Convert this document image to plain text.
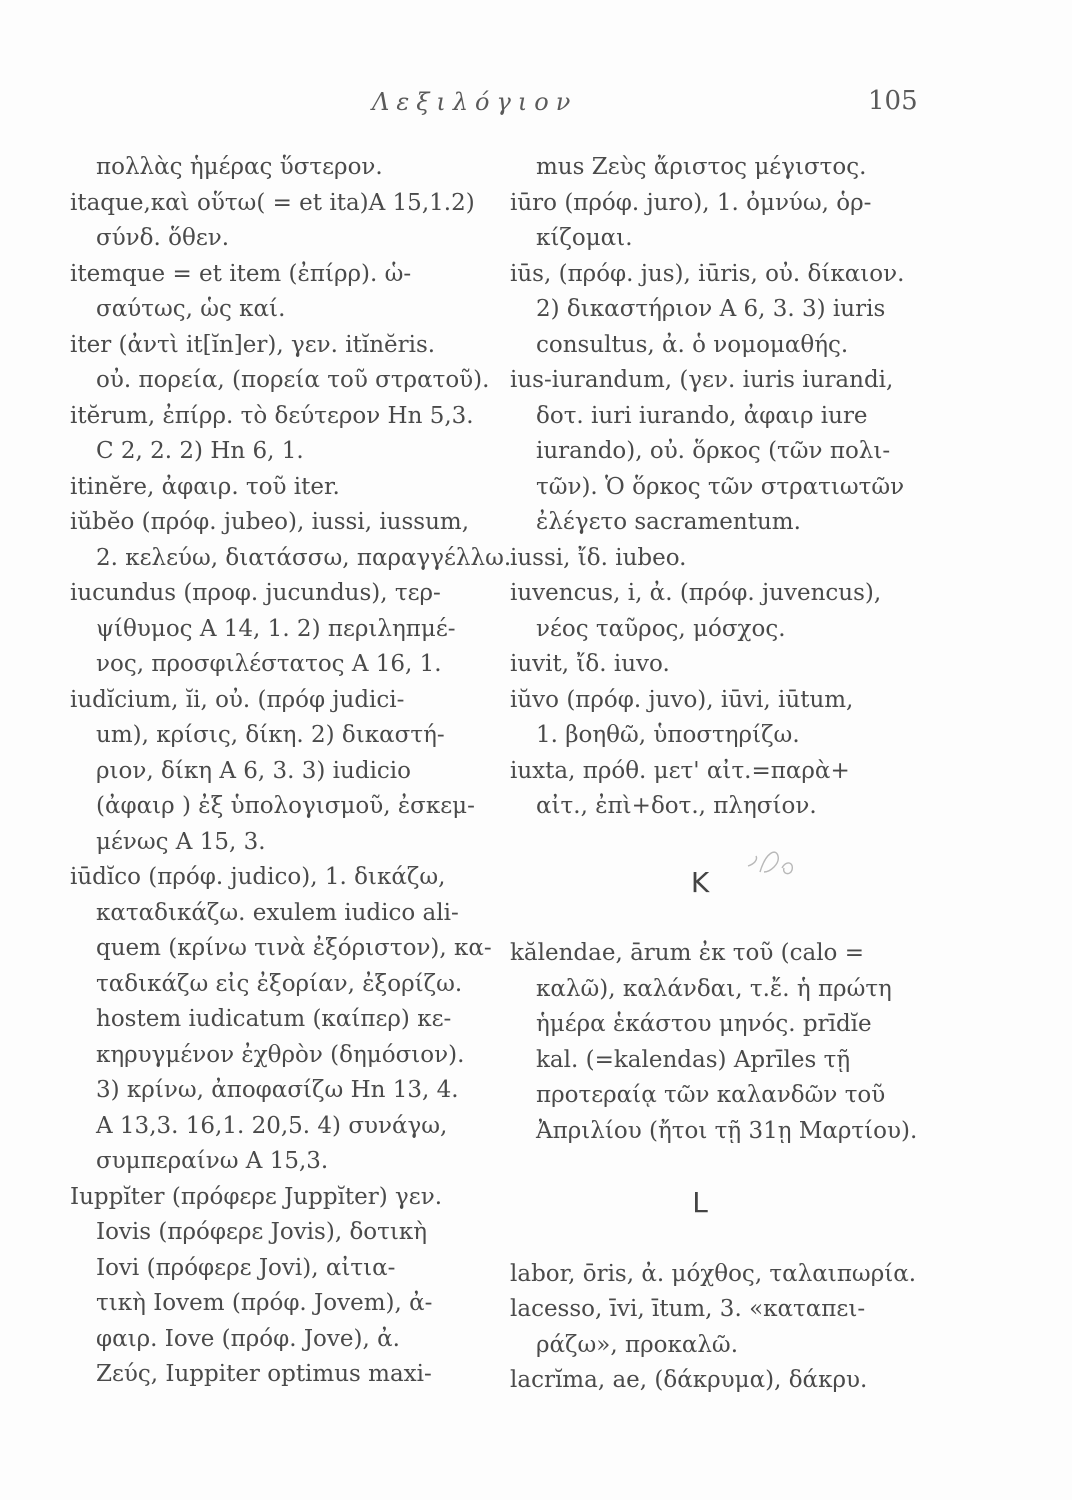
Λεξιλόγιον	105
πολλὰς ἡμέρας ὕστερον.
itaque,καὶ οὕτω( = et ita)A 15,1.2)
σύνδ. ὅθεν.
itemque = et item (ἐπίρρ). ὡ-
σαύτως, ὡς καί.
iter (ἀντὶ it[ĭn]er), γεν. itĭnĕris.
οὐ. πορεία, (πορεία τοῦ στρατοῦ).
itĕrum, ἐπίρρ. τὸ δεύτερον Hn 5,3.
C 2, 2. 2) Hn 6, 1.
itinĕre, ἀφαιρ. τοῦ iter.
iŭbĕo (πρόφ. jubeo), iussi, iussum,
2. κελεύω, διατάσσω, παραγγέλλω.
iucundus (προφ. jucundus), τερ-
ψίθυμος A 14, 1. 2) περιληπμέ-
νος, προσφιλέστατος A 16, 1.
iudĭcium, ĭi, οὐ. (πρόφ judici-
um), κρίσις, δίκη. 2) δικαστή-
ριον, δίκη A 6, 3. 3) iudicio
(ἀφαιρ ) ἐξ ὑπολογισμοῦ, ἐσκεμ-
μένως A 15, 3.
iūdĭco (πρόφ. judico), 1. δικάζω,
καταδικάζω. exulem iudico ali-
quem (κρίνω τινὰ ἐξόριστον), κα-
ταδικάζω εἰς ἐξορίαν, ἐξορίζω.
hostem iudicatum (καίπερ) κε-
κηρυγμένον ἐχθρὸν (δημόσιον).
3) κρίνω, ἀποφασίζω Hn 13, 4.
A 13,3. 16,1. 20,5. 4) συνάγω,
συμπεραίνω A 15,3.
Iuppĭter (πρόφερε Juppĭter) γεν.
Iovis (πρόφερε Jovis), δοτικὴ
Iovi (πρόφερε Jovi), αἰτια-
τικὴ Iovem (πρόφ. Jovem), ἀ-
φαιρ. Iove (πρόφ. Jove), ἀ.
Ζεύς, Iuppiter optimus maxi-
mus Ζεὺς ἄριστος μέγιστος.
iūro (πρόφ. juro), 1. ὀμνύω, ὁρ-
κίζομαι.
iūs, (πρόφ. jus), iūris, οὐ. δίκαιον.
2) δικαστήριον A 6, 3. 3) iuris
consultus, ἀ. ὁ νομομαθής.
ius-iurandum, (γεν. iuris iurandi,
δοτ. iuri iurando, ἀφαιρ iure
iurando), οὐ. ὅρκος (τῶν πολι-
τῶν). Ὁ ὅρκος τῶν στρατιωτῶν
ἐλέγετο sacramentum.
iussi, ἴδ. iubeo.
iuvencus, i, ἀ. (πρόφ. juvencus),
νέος ταῦρος, μόσχος.
iuvit, ἴδ. iuvo.
iŭvo (πρόφ. juvo), iūvi, iūtum,
1. βοηθῶ, ὑποστηρίζω.
iuxta, πρόθ. μετ' αἰτ.=παρὰ+
αἰτ., ἐπὶ+δοτ., πλησίον.
K
kălendae, ārum ἐκ τοῦ (calo =
καλῶ), καλάνδαι, τ.ἔ. ἡ πρώτη
ἡμέρα ἑκάστου μηνός. prīdĭe
kal. (=kalendas) Aprīles τῇ
προτεραίᾳ τῶν καλανδῶν τοῦ
Ἀπριλίου (ἤτοι τῇ 31ῃ Μαρτίου).
L
labor, ōris, ἀ. μόχθος, ταλαιπωρία.
lacesso, īvi, ītum, 3. «καταπει-
ράζω», προκαλῶ.
lacrĭma, ae, (δάκρυμα), δάκρυ.
